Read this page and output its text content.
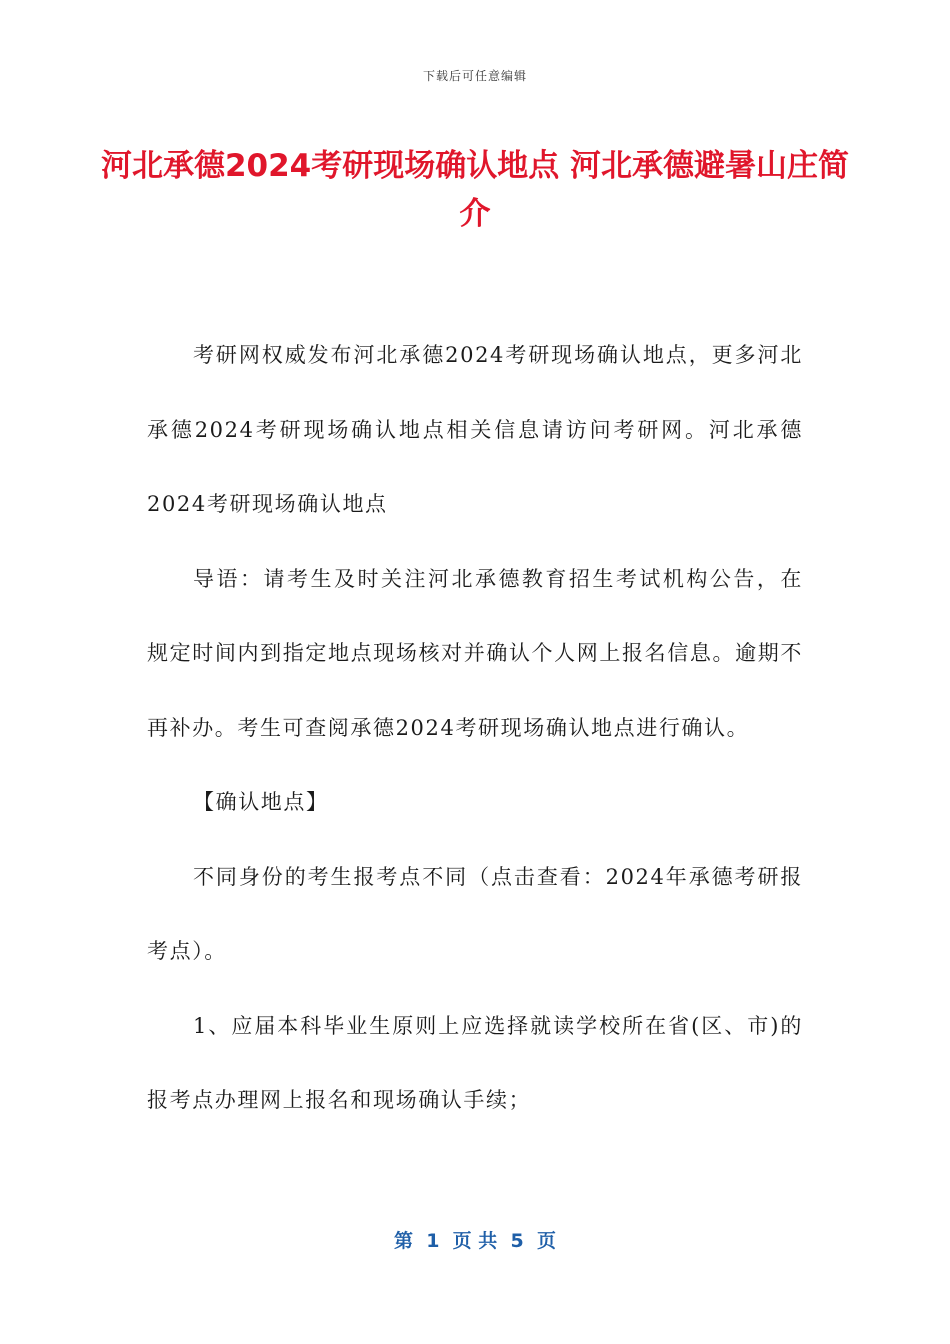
下载后可任意编辑
河北承德2024考研现场确认地点 河北承德避暑山庄简介

考研网权威发布河北承德2024考研现场确认地点，更多河北承德2024考研现场确认地点相关信息请访问考研网。河北承德2024考研现场确认地点

导语：请考生及时关注河北承德教育招生考试机构公告，在规定时间内到指定地点现场核对并确认个人网上报名信息。逾期不再补办。考生可查阅承德2024考研现场确认地点进行确认。

【确认地点】

不同身份的考生报考点不同（点击查看：2024年承德考研报考点）。

1、应届本科毕业生原则上应选择就读学校所在省(区、市)的报考点办理网上报名和现场确认手续；

第  1  页 共  5  页
